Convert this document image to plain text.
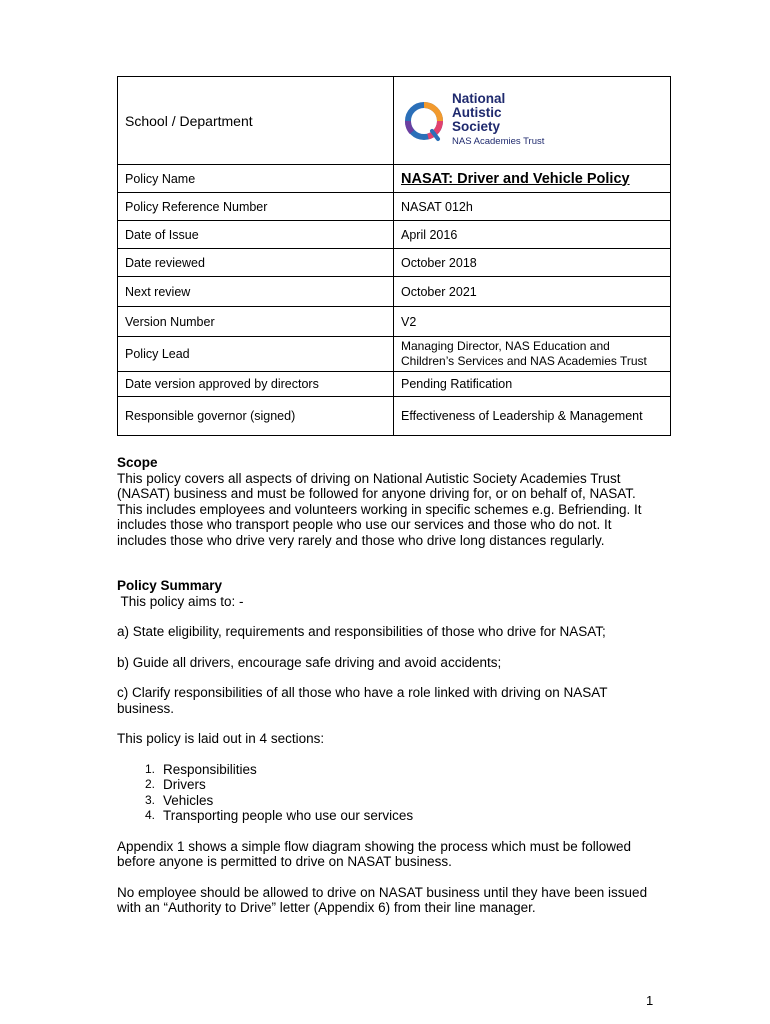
School / Department	National
Autistic
Society
NAS Academies Trust

Policy Name	NASAT: Driver and Vehicle Policy
Policy Reference Number	NASAT 012h
Date of Issue	April 2016
Date reviewed	October 2018
Next review	October 2021
Version Number	V2
Policy Lead	Managing Director, NAS Education and
Children’s Services and NAS Academies Trust

Date version approved by directors	Pending Ratification
Responsible governor (signed)	Effectiveness of Leadership & Management

Scope

This policy covers all aspects of driving on National Autistic Society Academies Trust (NASAT) business and must be followed for anyone driving for, or on behalf of, NASAT. This includes employees and volunteers working in specific schemes e.g. Befriending. It includes those who transport people who use our services and those who do not. It includes those who drive very rarely and those who drive long distances regularly.

Policy Summary

This policy aims to: -

a) State eligibility, requirements and responsibilities of those who drive for NASAT;

b) Guide all drivers, encourage safe driving and avoid accidents;

c) Clarify responsibilities of all those who have a role linked with driving on NASAT business.

This policy is laid out in 4 sections:

1. Responsibilities
2. Drivers
3. Vehicles
4. Transporting people who use our services

Appendix 1 shows a simple flow diagram showing the process which must be followed before anyone is permitted to drive on NASAT business.

No employee should be allowed to drive on NASAT business until they have been issued with an “Authority to Drive” letter (Appendix 6) from their line manager.

1
